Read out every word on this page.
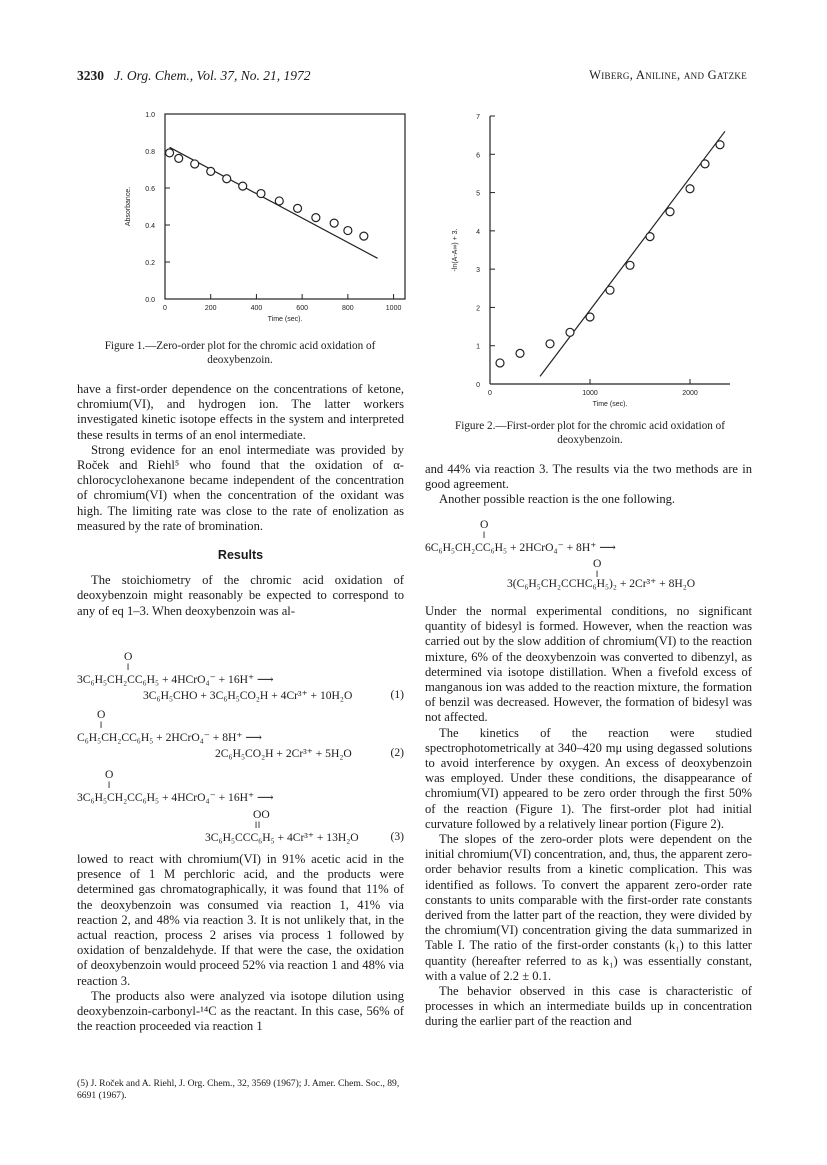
3230 J. Org. Chem., Vol. 37, No. 21, 1972	Wiberg, Aniline, and Gatzke
0.0
0.2
0.4
0.6
0.8
1.0
0	200	400	600	800	1000
Time (sec).
Absorbance.
Figure 1.—Zero-order plot for the chromic acid oxidation of deoxybenzoin.
0
1
2
3
4
5
6
7
0	1000	2000
Time (sec).
-ln(A-A∞) + 3.
Figure 2.—First-order plot for the chromic acid oxidation of deoxybenzoin.

have a first-order dependence on the concentrations of ketone, chromium(VI), and hydrogen ion. The latter workers investigated kinetic isotope effects in the system and interpreted these results in terms of an enol intermediate.

Strong evidence for an enol intermediate was provided by Roček and Riehl⁵ who found that the oxidation of α-chlorocyclohexanone became independent of the concentration of chromium(VI) when the concentration of the oxidant was high. The limiting rate was close to the rate of enolization as measured by the rate of bromination.

Results

The stoichiometry of the chromic acid oxidation of deoxybenzoin might reasonably be expected to correspond to any of eq 1–3. When deoxybenzoin was al-

O
‖
3C₆H₅CH₂CC₆H₅ + 4HCrO₄⁻ + 16H⁺ ⟶
3C₆H₅CHO + 3C₆H₅CO₂H + 4Cr³⁺ + 10H₂O	(1)
O
‖
C₆H₅CH₂CC₆H₅ + 2HCrO₄⁻ + 8H⁺ ⟶
2C₆H₅CO₂H + 2Cr³⁺ + 5H₂O	(2)
O
‖
3C₆H₅CH₂CC₆H₅ + 4HCrO₄⁻ + 16H⁺ ⟶
OO
‖‖
3C₆H₅CCC₆H₅ + 4Cr³⁺ + 13H₂O	(3)

lowed to react with chromium(VI) in 91% acetic acid in the presence of 1 M perchloric acid, and the products were determined gas chromatographically, it was found that 11% of the deoxybenzoin was consumed via reaction 1, 41% via reaction 2, and 48% via reaction 3. It is not unlikely that, in the actual reaction, process 2 arises via process 1 followed by oxidation of benzaldehyde. If that were the case, the oxidation of deoxybenzoin would proceed 52% via reaction 1 and 48% via reaction 3.

The products also were analyzed via isotope dilution using deoxybenzoin-carbonyl-¹⁴C as the reactant. In this case, 56% of the reaction proceeded via reaction 1

(5) J. Roček and A. Riehl, J. Org. Chem., 32, 3569 (1967); J. Amer. Chem. Soc., 89, 6691 (1967).

and 44% via reaction 3. The results via the two methods are in good agreement.

Another possible reaction is the one following.

O
‖
6C₆H₅CH₂CC₆H₅ + 2HCrO₄⁻ + 8H⁺ ⟶
O
‖
3(C₆H₅CH₂CCHC₆H₅)₂ + 2Cr³⁺ + 8H₂O

Under the normal experimental conditions, no significant quantity of bidesyl is formed. However, when the reaction was carried out by the slow addition of chromium(VI) to the reaction mixture, 6% of the deoxybenzoin was converted to dibenzyl, as determined via isotope distillation. When a fivefold excess of manganous ion was added to the reaction mixture, the formation of benzil was decreased. However, the formation of bidesyl was not affected.

The kinetics of the reaction were studied spectrophotometrically at 340–420 mμ using degassed solutions to avoid interference by oxygen. An excess of deoxybenzoin was employed. Under these conditions, the disappearance of chromium(VI) appeared to be zero order through the first 50% of the reaction (Figure 1). The first-order plot had initial curvature followed by a relatively linear portion (Figure 2).

The slopes of the zero-order plots were dependent on the initial chromium(VI) concentration, and, thus, the apparent zero-order behavior results from a kinetic complication. This was identified as follows. To convert the apparent zero-order rate constants to units comparable with the first-order rate constants derived from the latter part of the reaction, they were divided by the chromium(VI) concentration giving the data summarized in Table I. The ratio of the first-order constants (k₁) to this latter quantity (hereafter referred to as k₁) was essentially constant, with a value of 2.2 ± 0.1.

The behavior observed in this case is characteristic of processes in which an intermediate builds up in concentration during the earlier part of the reaction and
